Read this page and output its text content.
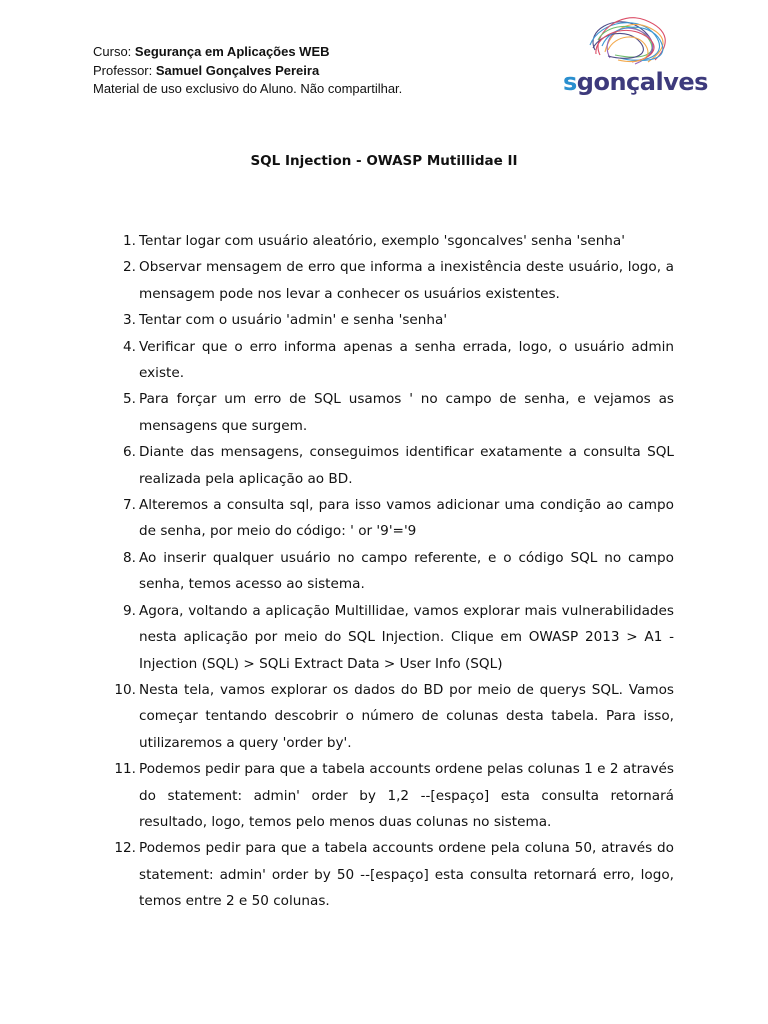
Curso: Segurança em Aplicações WEB
Professor: Samuel Gonçalves Pereira
Material de uso exclusivo do Aluno. Não compartilhar.	sgonçalves
SQL Injection - OWASP Mutillidae II
1. Tentar logar com usuário aleatório, exemplo 'sgoncalves' senha 'senha'
2. Observar mensagem de erro que informa a inexistência deste usuário, logo, a mensagem pode nos levar a conhecer os usuários existentes.
3. Tentar com o usuário 'admin' e senha 'senha'
4. Verificar que o erro informa apenas a senha errada, logo, o usuário admin existe.
5. Para forçar um erro de SQL usamos ' no campo de senha, e vejamos as mensagens que surgem.
6. Diante das mensagens, conseguimos identificar exatamente a consulta SQL realizada pela aplicação ao BD.
7. Alteremos a consulta sql, para isso vamos adicionar uma condição ao campo de senha, por meio do código: ' or '9'='9
8. Ao inserir qualquer usuário no campo referente, e o código SQL no campo senha, temos acesso ao sistema.
9. Agora, voltando a aplicação Multillidae, vamos explorar mais vulnerabilidades nesta aplicação por meio do SQL Injection. Clique em OWASP 2013 > A1 - Injection (SQL) > SQLi Extract Data > User Info (SQL)
10. Nesta tela, vamos explorar os dados do BD por meio de querys SQL. Vamos começar tentando descobrir o número de colunas desta tabela. Para isso, utilizaremos a query 'order by'.
11. Podemos pedir para que a tabela accounts ordene pelas colunas 1 e 2 através do statement: admin' order by 1,2 --[espaço] esta consulta retornará resultado, logo, temos pelo menos duas colunas no sistema.
12. Podemos pedir para que a tabela accounts ordene pela coluna 50, através do statement: admin' order by 50 --[espaço] esta consulta retornará erro, logo, temos entre 2 e 50 colunas.
